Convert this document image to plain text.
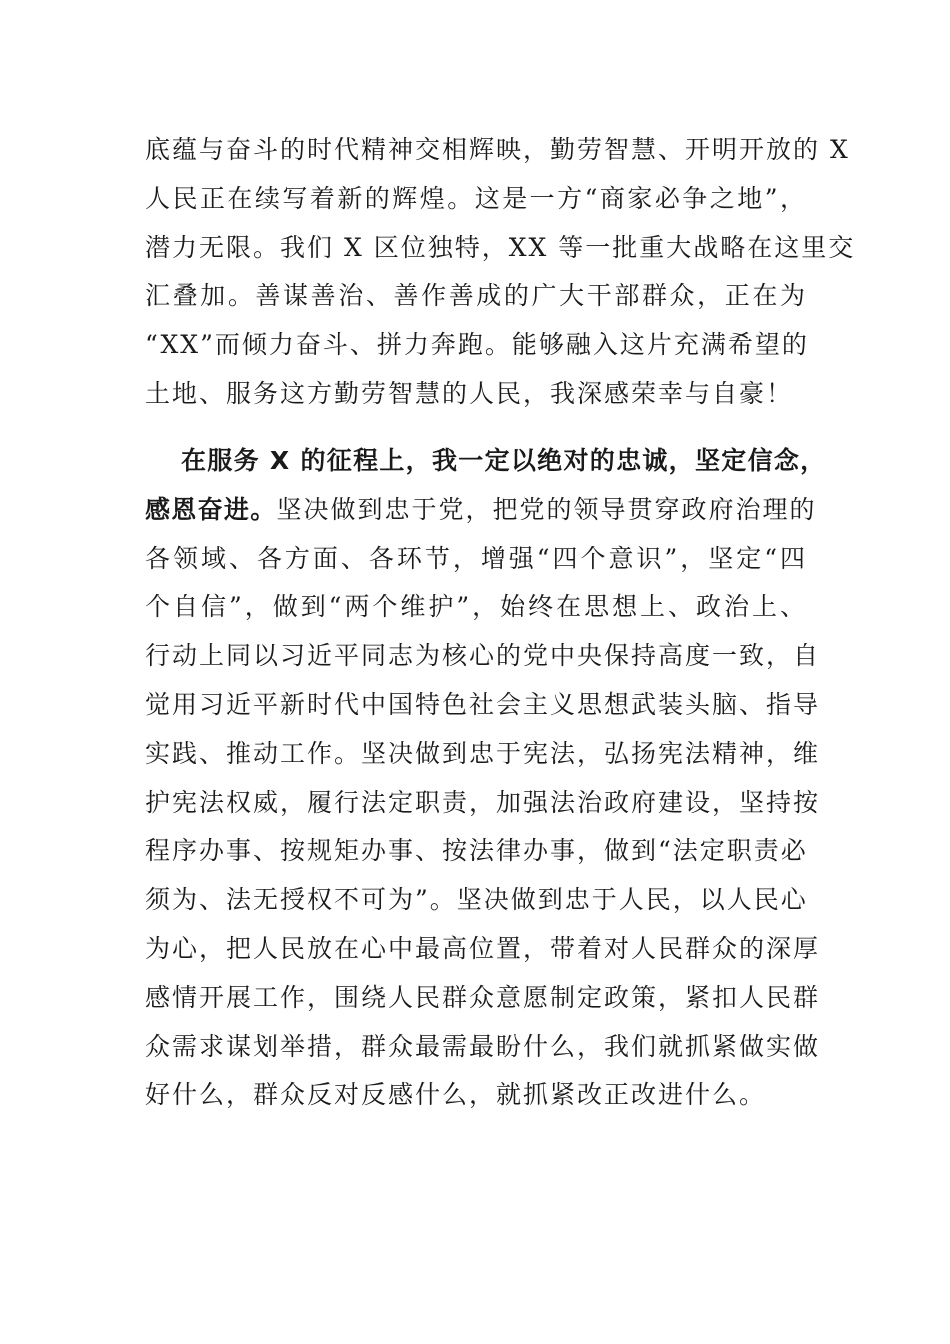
底蕴与奋斗的时代精神交相辉映，勤劳智慧、开明开放的 X
人民正在续写着新的辉煌。这是一方“商家必争之地”，
潜力无限。我们 X 区位独特，XX 等一批重大战略在这里交
汇叠加。善谋善治、善作善成的广大干部群众，正在为
“XX”而倾力奋斗、拼力奔跑。能够融入这片充满希望的
土地、服务这方勤劳智慧的人民，我深感荣幸与自豪！
在服务 X 的征程上，我一定以绝对的忠诚，坚定信念，
感恩奋进。坚决做到忠于党，把党的领导贯穿政府治理的
各领域、各方面、各环节，增强“四个意识”，坚定“四
个自信”，做到“两个维护”，始终在思想上、政治上、
行动上同以习近平同志为核心的党中央保持高度一致，自
觉用习近平新时代中国特色社会主义思想武装头脑、指导
实践、推动工作。坚决做到忠于宪法，弘扬宪法精神，维
护宪法权威，履行法定职责，加强法治政府建设，坚持按
程序办事、按规矩办事、按法律办事，做到“法定职责必
须为、法无授权不可为”。坚决做到忠于人民，以人民心
为心，把人民放在心中最高位置，带着对人民群众的深厚
感情开展工作，围绕人民群众意愿制定政策，紧扣人民群
众需求谋划举措，群众最需最盼什么，我们就抓紧做实做
好什么，群众反对反感什么，就抓紧改正改进什么。
